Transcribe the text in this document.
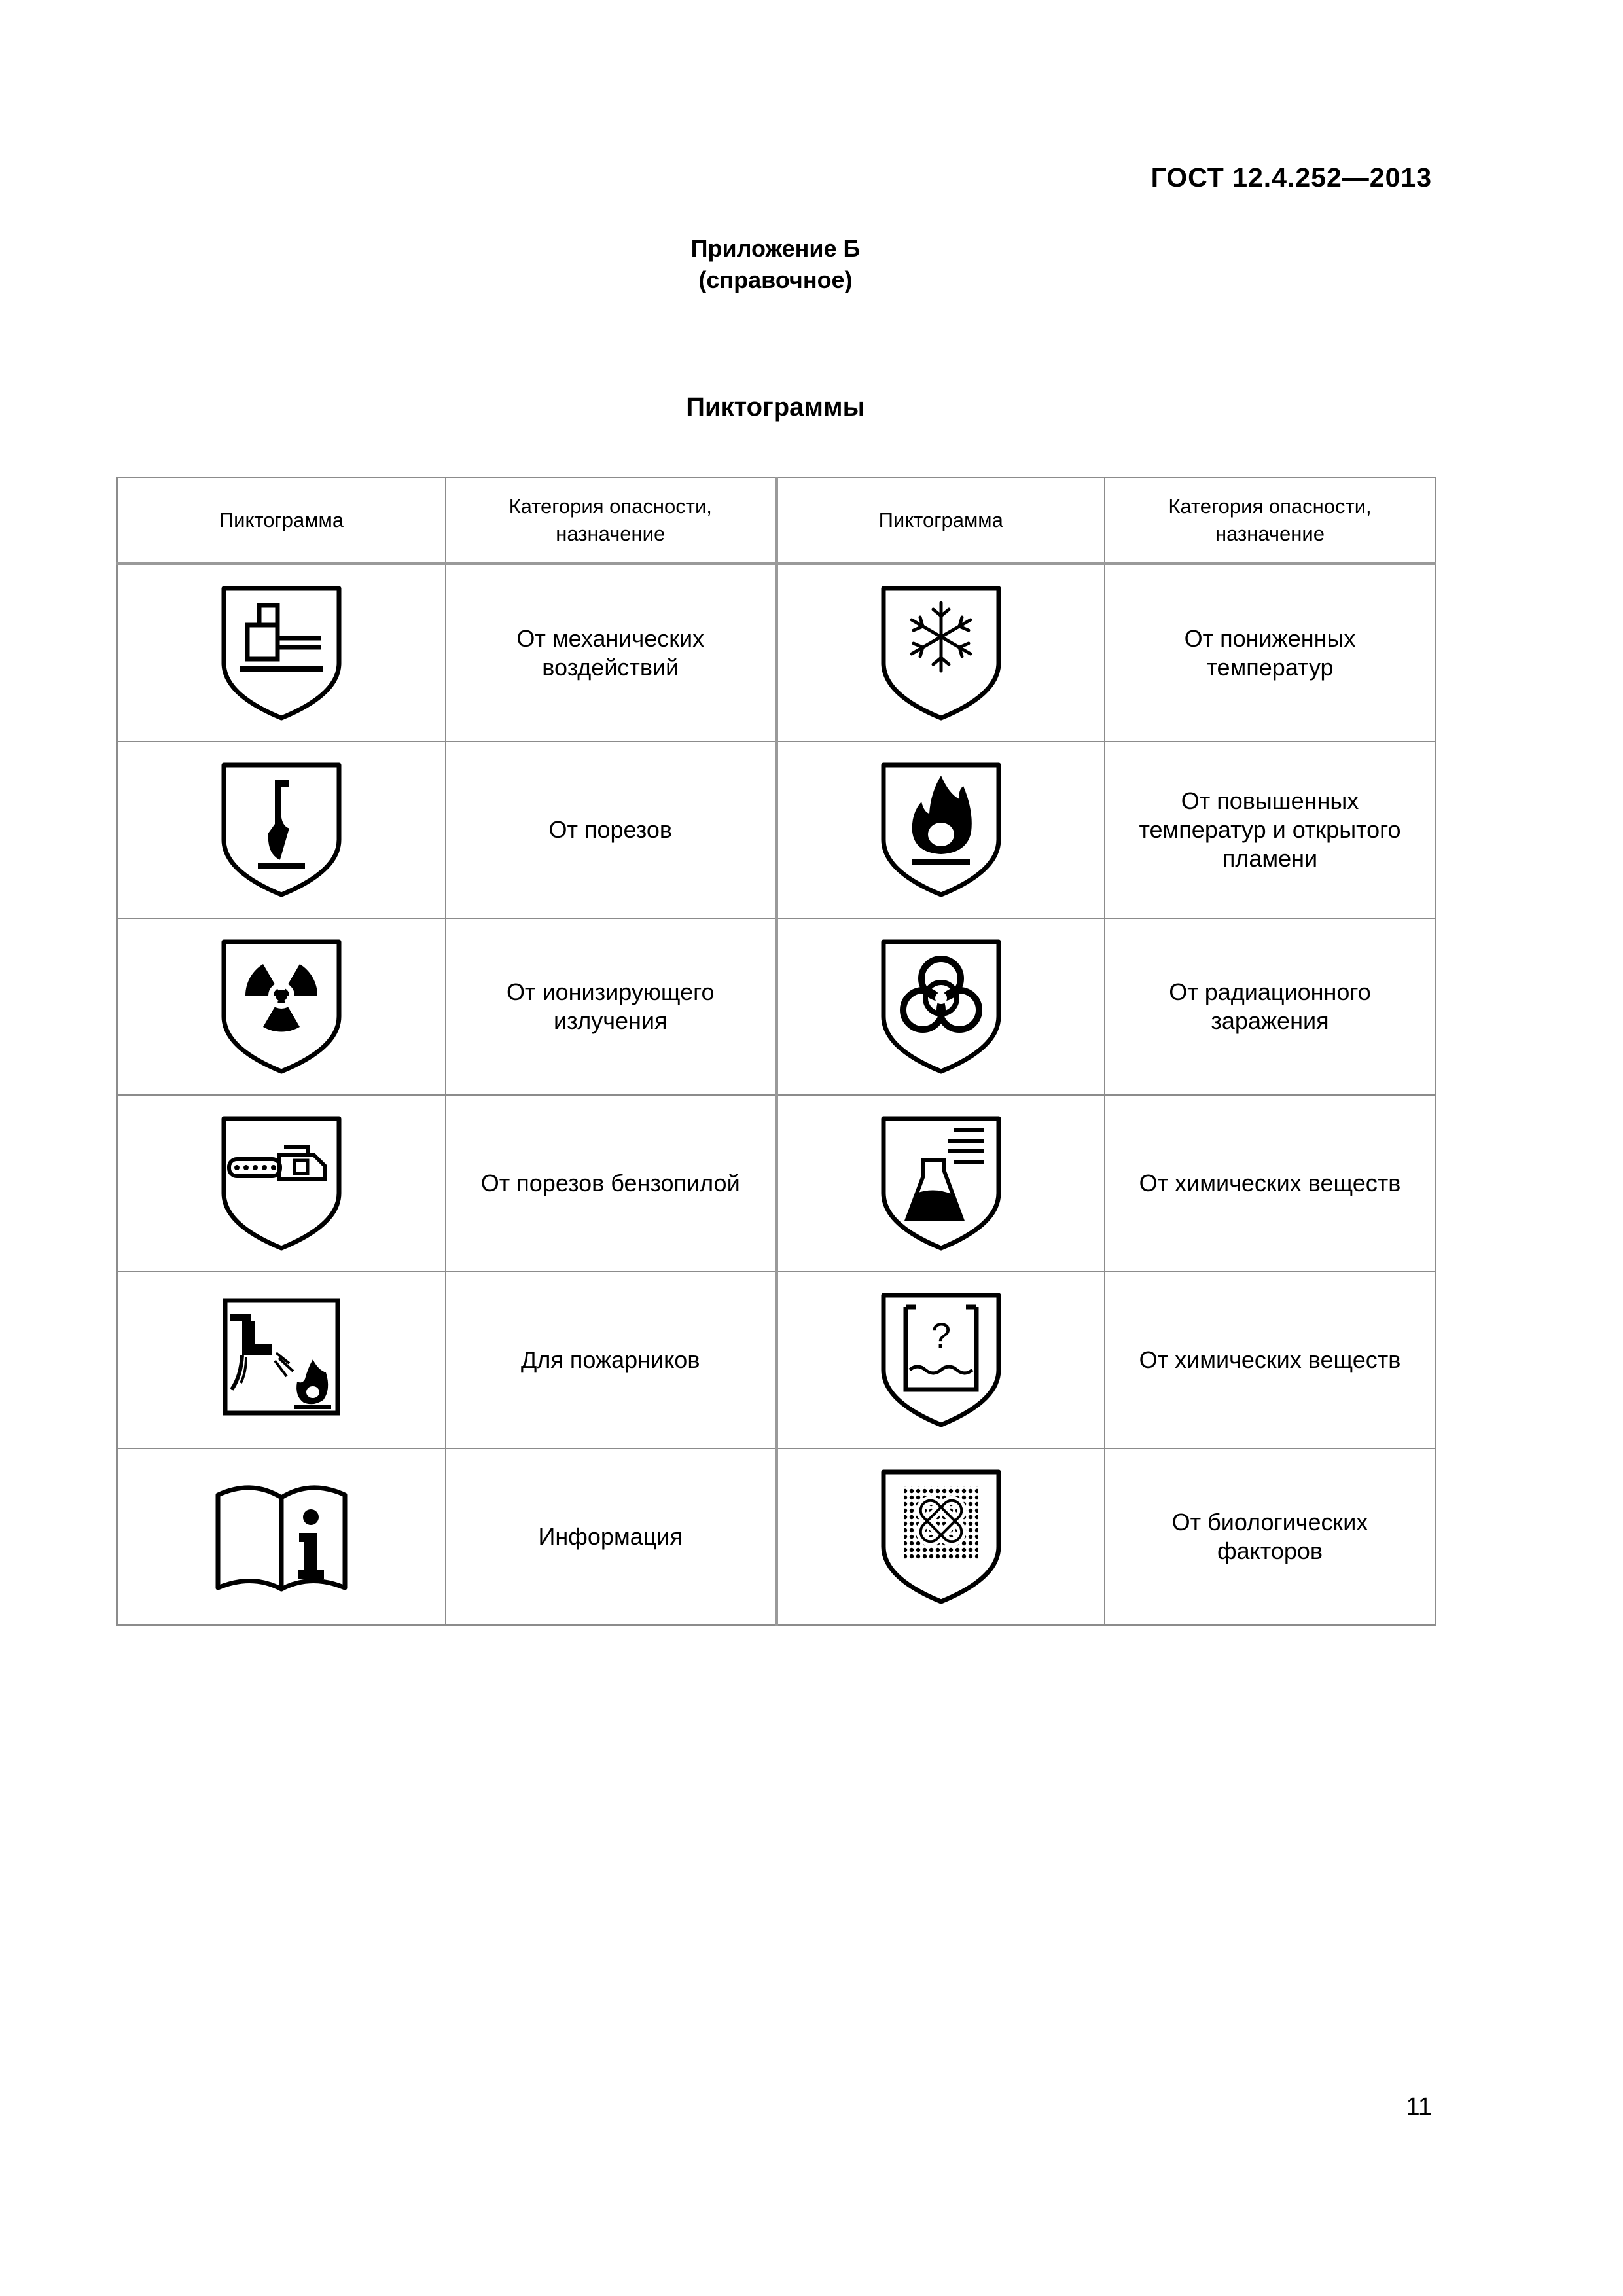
ГОСТ 12.4.252—2013
Приложение Б
(справочное)
Пиктограммы
Пиктограмма	Категория опасности, назначение	Пиктограмма	Категория опасности, назначение

	От механических воздействий		От пониженных температур

	От порезов		От повышенных температур и открытого пламени

	От ионизирующего излучения		От радиационного заражения

	От порезов бензопилой		От химических веществ

	Для пожарников	?	От химических веществ

	Информация		От биологических факторов
11
